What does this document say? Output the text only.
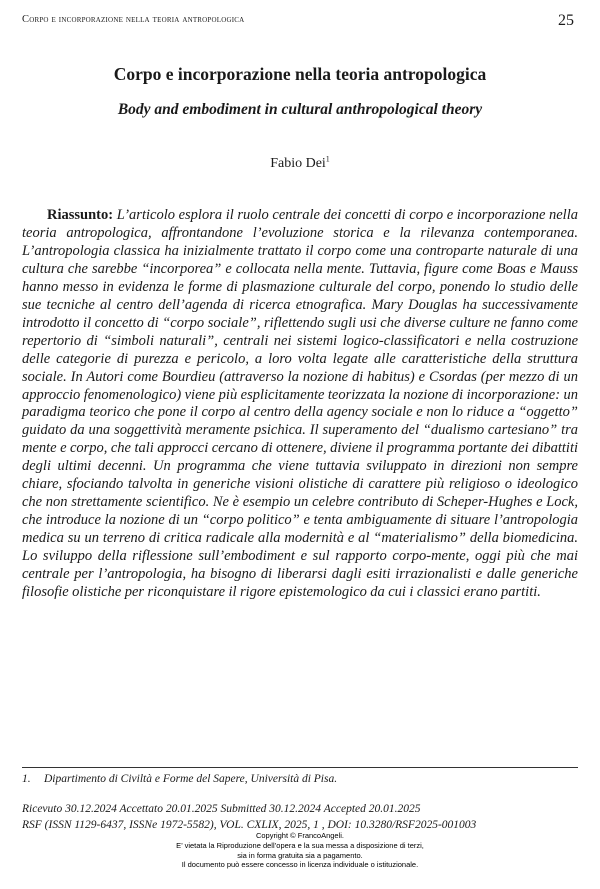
Corpo e incorporazione nella teoria antropologica	25
Corpo e incorporazione nella teoria antropologica
Body and embodiment in cultural anthropological theory
Fabio Dei$^1$
Riassunto: L’articolo esplora il ruolo centrale dei concetti di corpo e incorporazione nella teoria antropologica, affrontandone l’evoluzione storica e la rilevanza contemporanea. L’antropologia classica ha inizialmente trattato il corpo come una controparte naturale di una cultura che sarebbe “incorporea” e collocata nella mente. Tuttavia, figure come Boas e Mauss hanno messo in evidenza le forme di plasmazione culturale del corpo, ponendo lo studio delle sue tecniche al centro dell’agenda di ricerca etnografica. Mary Douglas ha successivamente introdotto il concetto di “corpo sociale”, riflettendo sugli usi che diverse culture ne fanno come repertorio di “simboli naturali”, centrali nei sistemi logico-classificatori e nella costruzione delle categorie di purezza e pericolo, a loro volta legate alle caratteristiche della struttura sociale. In Autori come Bourdieu (attraverso la nozione di habitus) e Csordas (per mezzo di un approccio fenomenologico) viene più esplicitamente teorizzata la nozione di incorporazione: un paradigma teorico che pone il corpo al centro della agency sociale e non lo riduce a “oggetto” guidato da una soggettività meramente psichica. Il superamento del “dualismo cartesiano” tra mente e corpo, che tali approcci cercano di ottenere, diviene il programma portante dei dibattiti degli ultimi decenni. Un programma che viene tuttavia sviluppato in direzioni non sempre chiare, sfociando talvolta in generiche visioni olistiche di carattere più religioso o ideologico che non strettamente scientifico. Ne è esempio un celebre contributo di Scheper-Hughes e Lock, che introduce la nozione di un “corpo politico” e tenta ambiguamente di situare l’antropologia medica su un terreno di critica radicale alla modernità e al “materialismo” della biomedicina. Lo sviluppo della riflessione sull’embodiment e sul rapporto corpo-mente, oggi più che mai centrale per l’antropologia, ha bisogno di liberarsi dagli esiti irrazionalisti e dalle generiche filosofie olistiche per riconquistare il rigore epistemologico da cui i classici erano partiti.
1. Dipartimento di Civiltà e Forme del Sapere, Università di Pisa.
Ricevuto 30.12.2024 Accettato 20.01.2025 Submitted 30.12.2024 Accepted 20.01.2025
RSF (ISSN 1129-6437, ISSNe 1972-5582), VOL. CXLIX, 2025, 1 , DOI: 10.3280/RSF2025-001003
Copyright © FrancoAngeli.
E’ vietata la Riproduzione dell’opera e la sua messa a disposizione di terzi,
sia in forma gratuita sia a pagamento.
Il documento può essere concesso in licenza individuale o istituzionale.
